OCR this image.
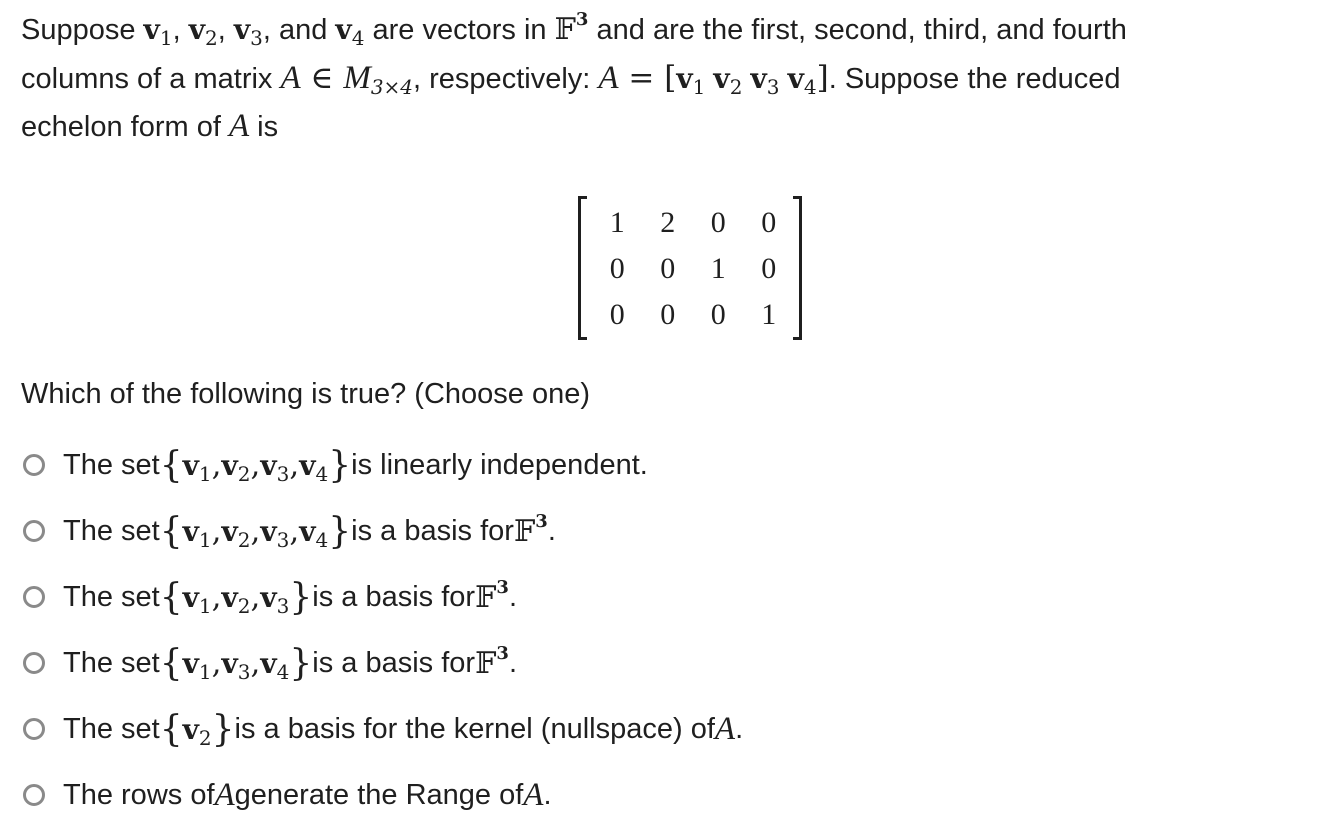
Suppose $v_1$, $v_2$, $v_3$, and $v_4$ are vectors in 𝔽$^3$ and are the first, second, third, and fourth
columns of a matrix A ∈ M3×4, respectively: $A = [v_1$ $v_2$ $v_3$ $v_4$]. Suppose the reduced
echelon form of A is
1	2	0	0
0	0	1	0
0	0	0	1
Which of the following is true? (Choose one)
The set { $v_1$ , $v_2$ , $v_3$ , $v_4$ } is linearly independent.
The set { $v_1$ , $v_2$ , $v_3$ , $v_4$ } is a basis for 𝔽$^3$ .
The set { $v_1$ , $v_2$ , $v_3$ } is a basis for 𝔽$^3$ .
The set { $v_1$ , $v_3$ , $v_4$ } is a basis for 𝔽$^3$ .
The set { $v_2$ } is a basis for the kernel (nullspace) of A .
The rows of A generate the Range of A .
